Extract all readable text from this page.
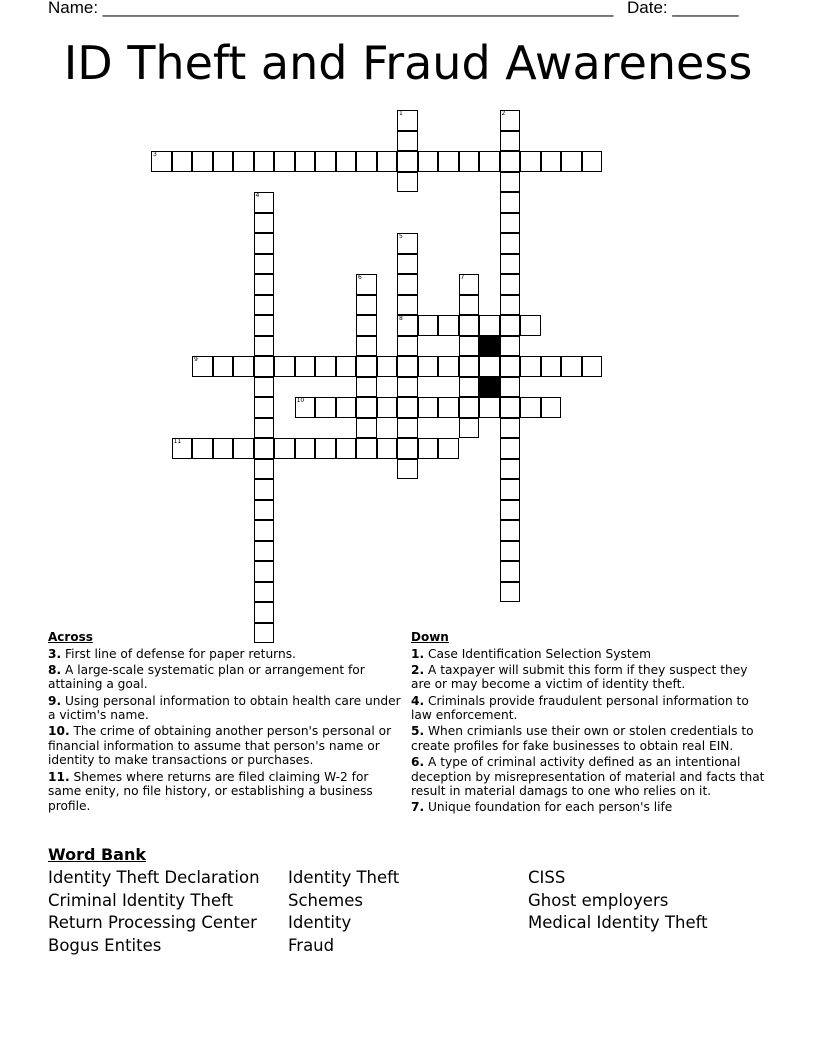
Name: ______________________________________________________ Date: _______
ID Theft and Fraud Awareness
1	2
3
4
5
8
6	7
9
10
11
Across
3. First line of defense for paper returns.
8. A large-scale systematic plan or arrangement for attaining a goal.
9. Using personal information to obtain health care under a victim's name.
10. The crime of obtaining another person's personal or financial information to assume that person's name or identity to make transactions or purchases.
11. Shemes where returns are filed claiming W-2 for same enity, no file history, or establishing a business profile.
Down
1. Case Identification Selection System
2. A taxpayer will submit this form if they suspect they are or may become a victim of identity theft.
4. Criminals provide fraudulent personal information to law enforcement.
5. When crimianls use their own or stolen credentials to create profiles for fake businesses to obtain real EIN.
6. A type of criminal activity defined as an intentional deception by misrepresentation of material and facts that result in material damags to one who relies on it.
7. Unique foundation for each person's life
Word Bank
Identity Theft Declaration
Criminal Identity Theft
Return Processing Center
Bogus Entites
Identity Theft
Schemes
Identity
Fraud
CISS
Ghost employers
Medical Identity Theft
